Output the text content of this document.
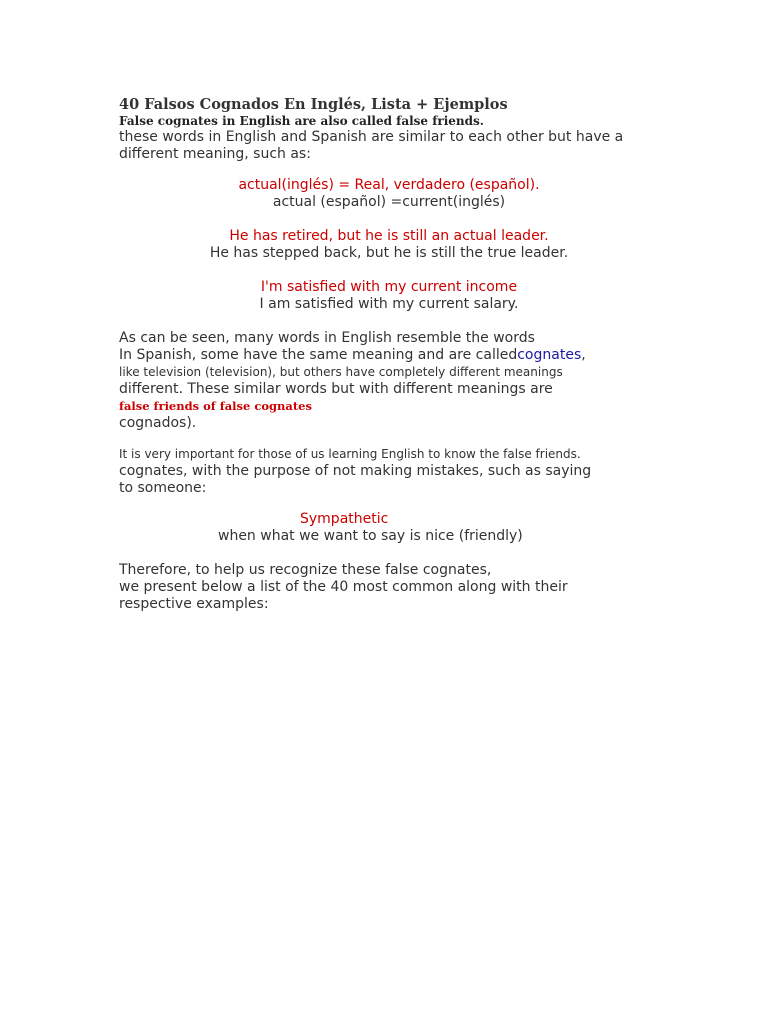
40 Falsos Cognados En Inglés, Lista + Ejemplos
False cognates in English are also called false friends.
these words in English and Spanish are similar to each other but have a
different meaning, such as:
actual(inglés) = Real, verdadero (español).
actual (español) =current(inglés)
He has retired, but he is still an actual leader.
He has stepped back, but he is still the true leader.
I'm satisfied with my current income
I am satisfied with my current salary.
As can be seen, many words in English resemble the words
In Spanish, some have the same meaning and are calledcognates,
like television (television), but others have completely different meanings
different. These similar words but with different meanings are
false friends of false cognates
cognados).
It is very important for those of us learning English to know the false friends.
cognates, with the purpose of not making mistakes, such as saying
to someone:
Sympathetic
when what we want to say is nice (friendly)
Therefore, to help us recognize these false cognates,
we present below a list of the 40 most common along with their
respective examples:
